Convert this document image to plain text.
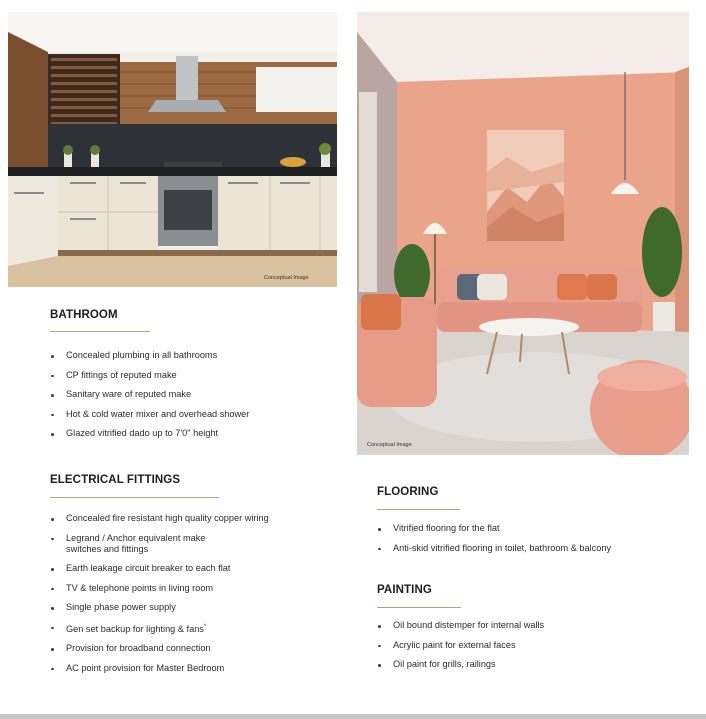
Conceptual Image
Conceptual Image
BATHROOM
Concealed plumbing in all bathrooms
CP fittings of reputed make
Sanitary ware of reputed make
Hot & cold water mixer and overhead shower
Glazed vitrified dado up to 7'0" height
ELECTRICAL FITTINGS
Concealed fire resistant high quality copper wiring
Legrand / Anchor equivalent make
switches and fittings
Earth leakage circuit breaker to each flat
TV & telephone points in living room
Single phase power supply
Gen set backup for lighting & fans*
Provision for broadband connection
AC point provision for Master Bedroom
FLOORING
Vitrified flooring for the flat
Anti-skid vitrified flooring in toilet, bathroom & balcony
PAINTING
Oil bound distemper for internal walls
Acrylic paint for external faces
Oil paint for grills, railings
